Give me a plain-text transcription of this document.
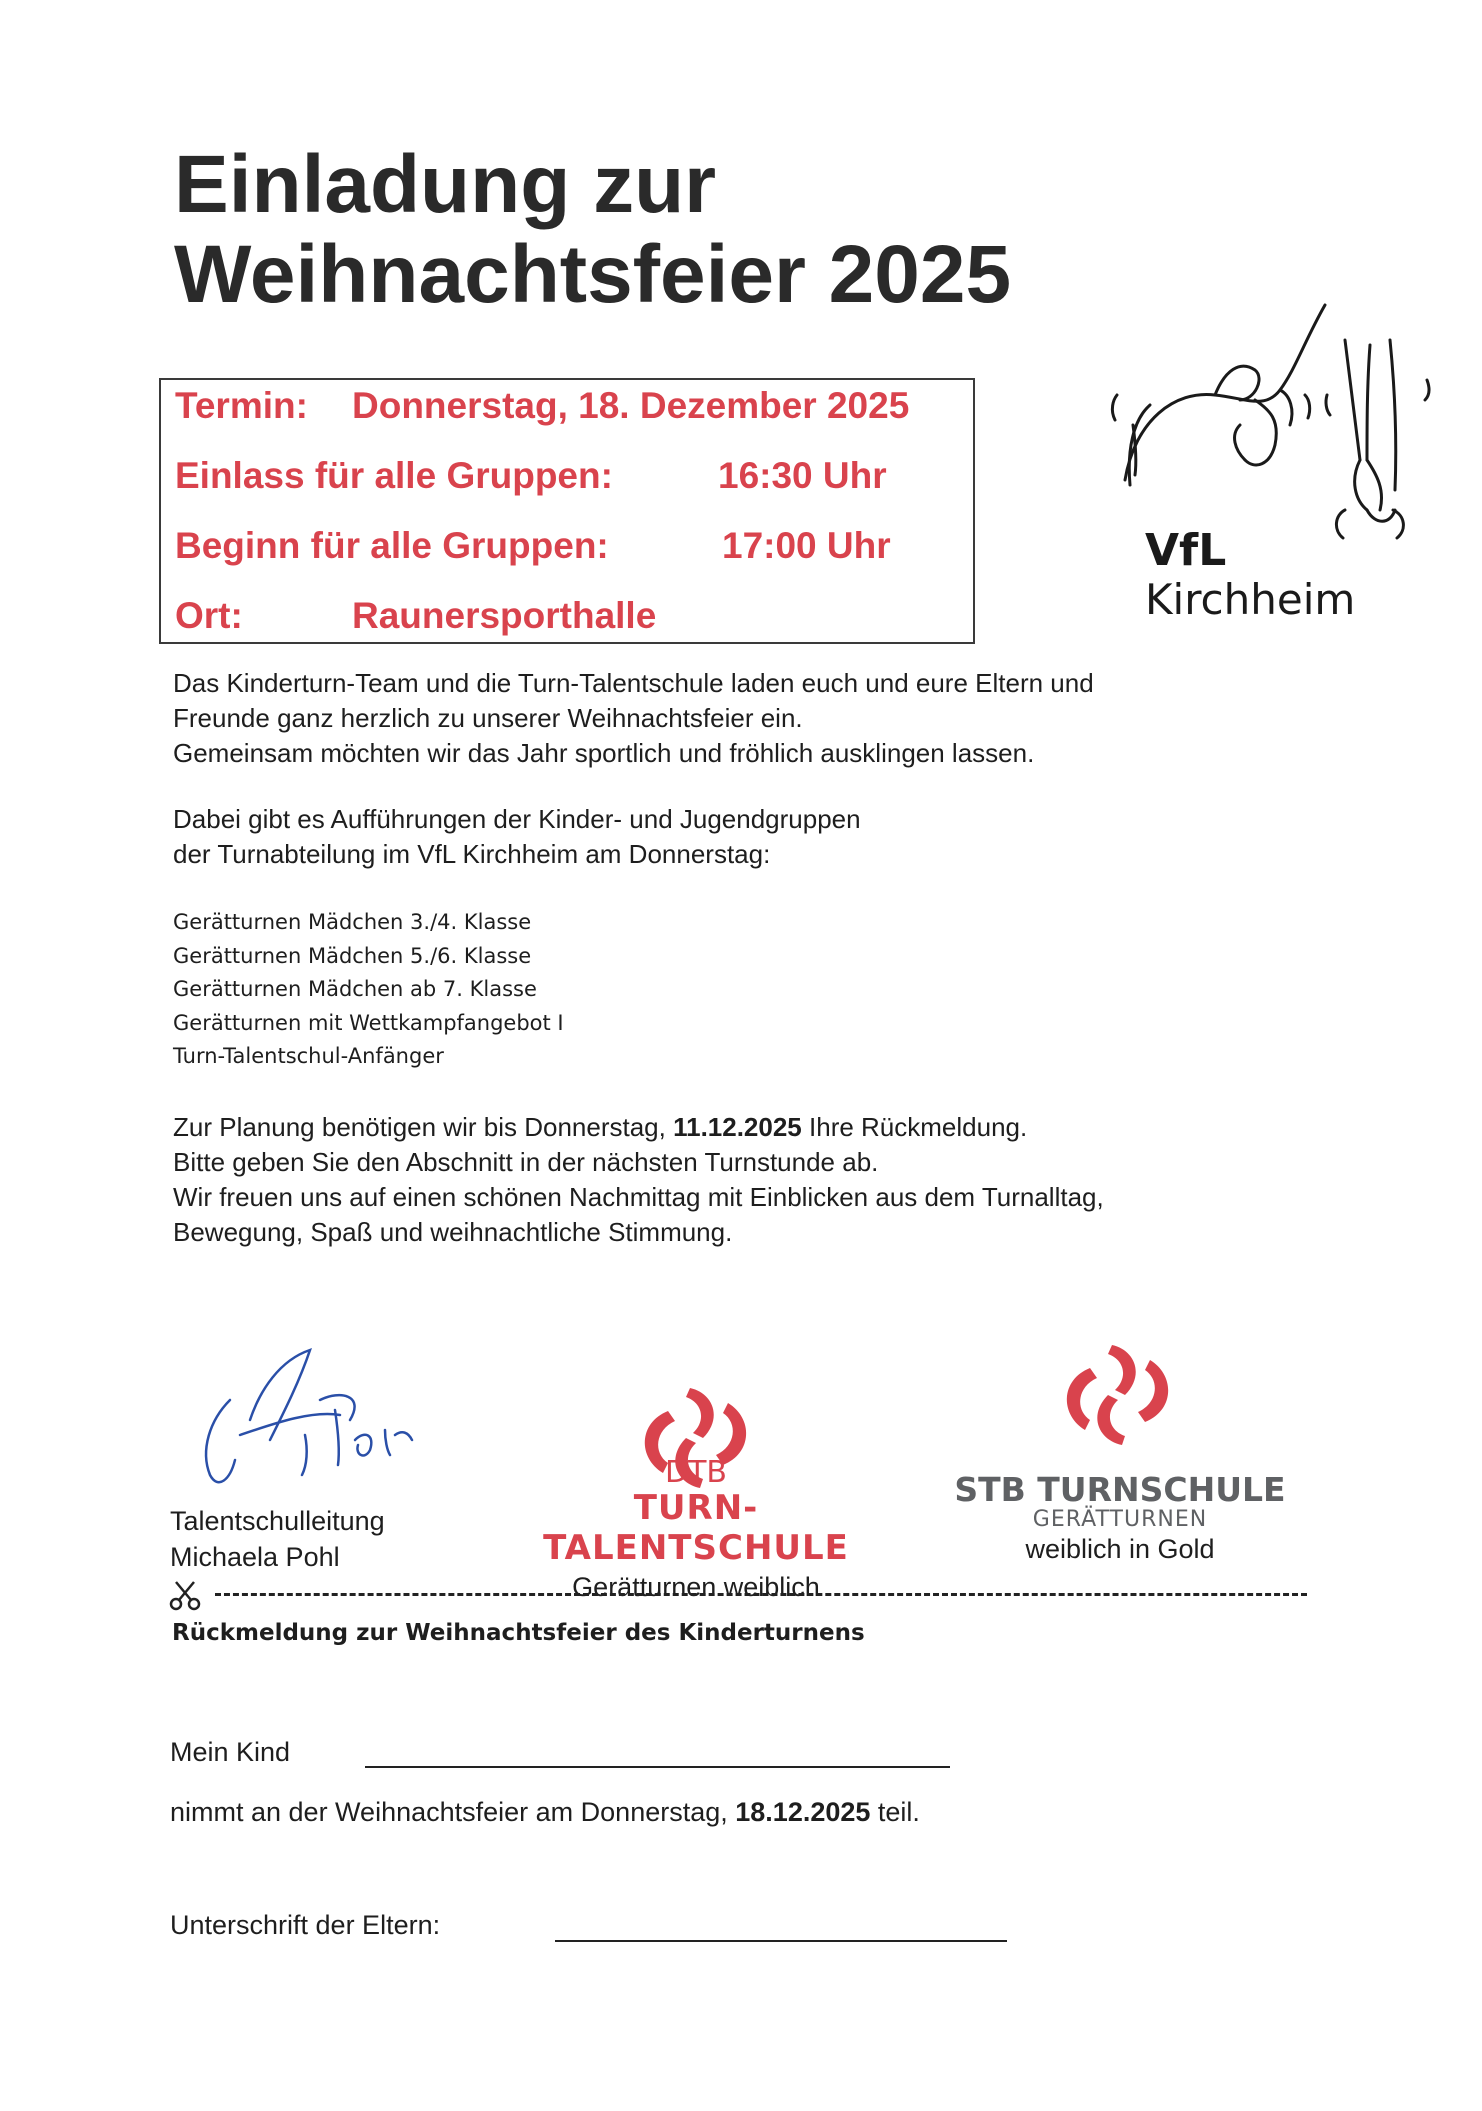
Einladung zur
Weihnachtsfeier 2025
Termin: Donnerstag, 18. Dezember 2025
Einlass für alle Gruppen:	16:30 Uhr
Beginn für alle Gruppen:	17:00 Uhr
Ort:	Raunersporthalle
VfL
Kirchheim
Das Kinderturn-Team und die Turn-Talentschule laden euch und eure Eltern und
Freunde ganz herzlich zu unserer Weihnachtsfeier ein.
Gemeinsam möchten wir das Jahr sportlich und fröhlich ausklingen lassen.
Dabei gibt es Aufführungen der Kinder- und Jugendgruppen
der Turnabteilung im VfL Kirchheim am Donnerstag:
Gerätturnen Mädchen 3./4. Klasse
Gerätturnen Mädchen 5./6. Klasse
Gerätturnen Mädchen ab 7. Klasse
Gerätturnen mit Wettkampfangebot I
Turn-Talentschul-Anfänger
Zur Planung benötigen wir bis Donnerstag, 11.12.2025 Ihre Rückmeldung.
Bitte geben Sie den Abschnitt in der nächsten Turnstunde ab.
Wir freuen uns auf einen schönen Nachmittag mit Einblicken aus dem Turnalltag,
Bewegung, Spaß und weihnachtliche Stimmung.
Talentschulleitung
Michaela Pohl
DTB
TURN-TALENTSCHULE
Gerätturnen weiblich
STB TURNSCHULE
GERÄTTURNEN
weiblich in Gold
Rückmeldung zur Weihnachtsfeier des Kinderturnens
Mein Kind
nimmt an der Weihnachtsfeier am Donnerstag, 18.12.2025 teil.
Unterschrift der Eltern:
